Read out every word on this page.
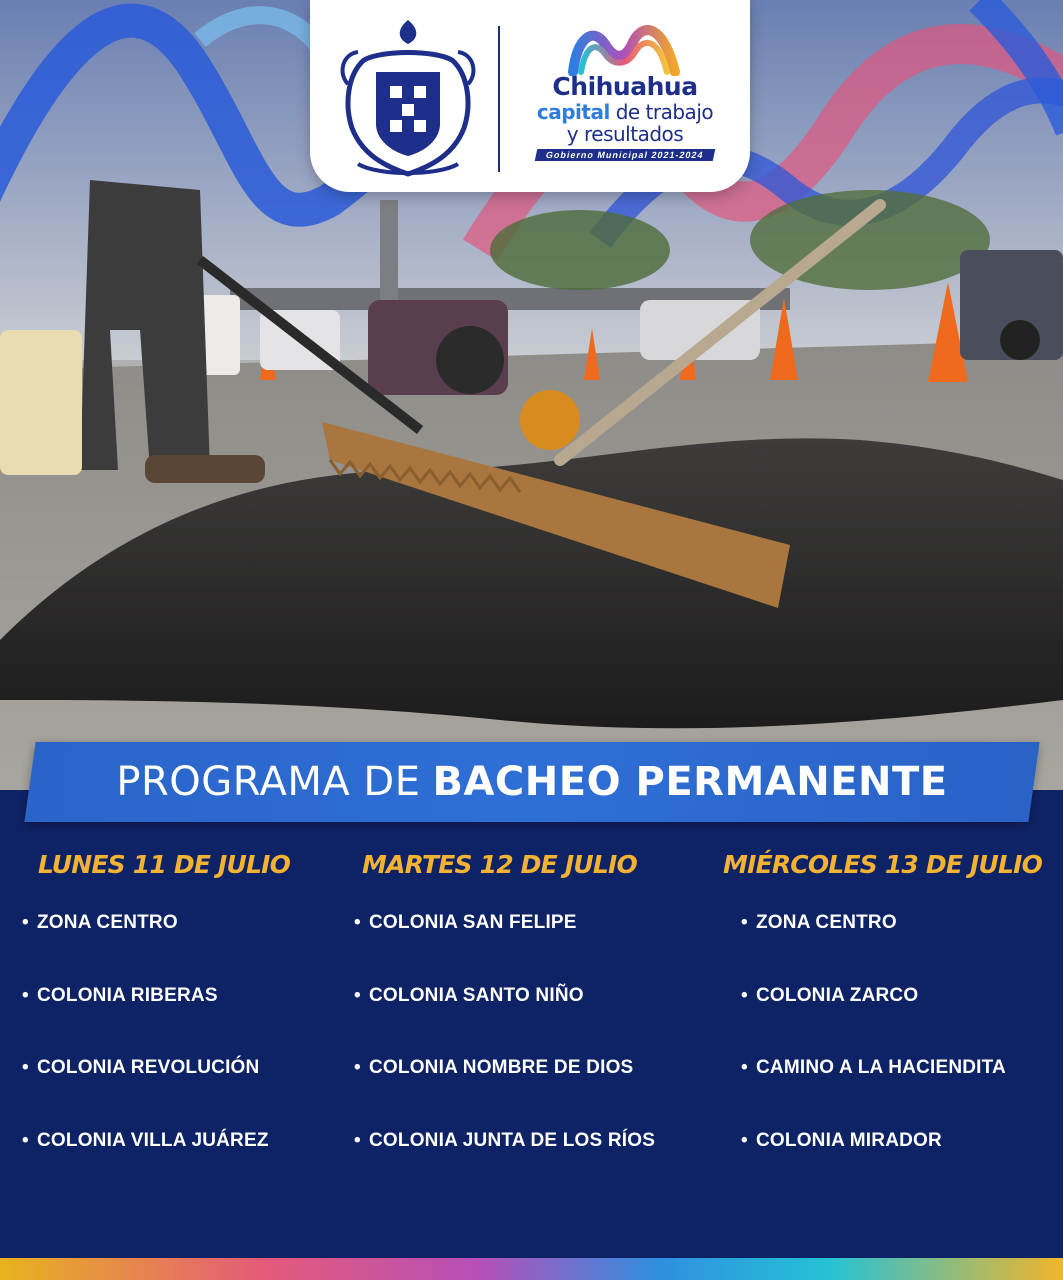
Chihuahua
capital de trabajo
y resultados
Gobierno Municipal 2021-2024
PROGRAMA DE BACHEO PERMANENTE
LUNES 11 DE JULIO
• ZONA CENTRO
• COLONIA RIBERAS
• COLONIA REVOLUCIÓN
• COLONIA VILLA JUÁREZ
MARTES 12 DE JULIO
• COLONIA SAN FELIPE
• COLONIA SANTO NIÑO
• COLONIA NOMBRE DE DIOS
• COLONIA JUNTA DE LOS RÍOS
MIÉRCOLES 13 DE JULIO
• ZONA CENTRO
• COLONIA ZARCO
• CAMINO A LA HACIENDITA
• COLONIA MIRADOR
